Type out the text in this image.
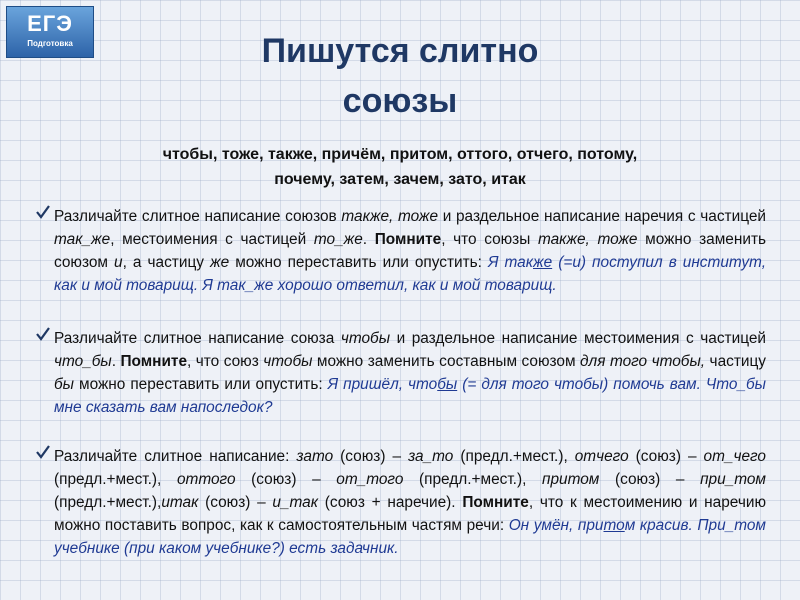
ЕГЭ
Подготовка	Пишутся слитно
союзы
чтобы, тоже, также, причём, притом, оттого, отчего, потому,
почему, затем, зачем, зато, итак
Различайте слитное написание союзов также, тоже и раздельное написание наречия с частицей так_же, местоимения с частицей то_же. Помните, что союзы также, тоже можно заменить союзом и, а частицу же можно переставить или опустить: Я также (=и) поступил в институт, как и мой товарищ. Я так_же хорошо ответил, как и мой товарищ.
Различайте слитное написание союза чтобы и раздельное написание местоимения с частицей что_бы. Помните, что союз чтобы можно заменить составным союзом для того чтобы, частицу бы можно переставить или опустить: Я пришёл, чтобы (= для того чтобы) помочь вам. Что_бы мне сказать вам напоследок?
Различайте слитное написание: зато (союз) – за_то (предл.+мест.), отчего (союз) – от_чего (предл.+мест.), оттого (союз) – от_того (предл.+мест.), притом (союз) – при_том (предл.+мест.),итак (союз) – и_так (союз + наречие). Помните, что к местоимению и наречию можно поставить вопрос, как к самостоятельным частям речи: Он умён, притом красив. При_том учебнике (при каком учебнике?) есть задачник.
